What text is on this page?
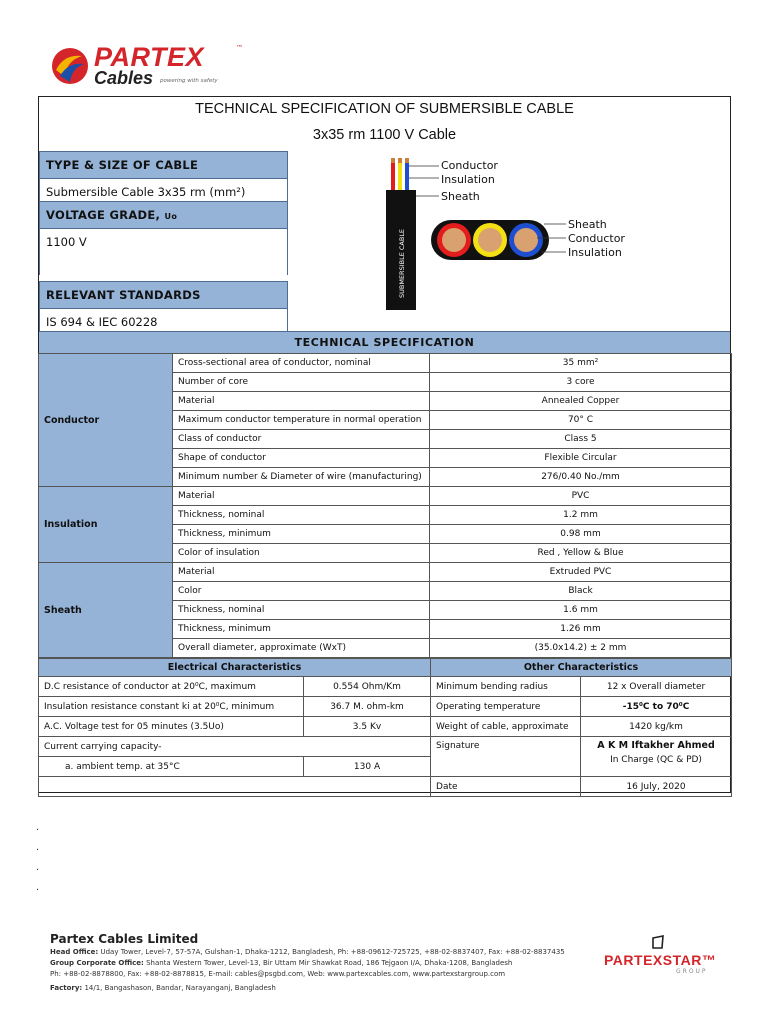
PARTEX	™
Cables powering with safety
TECHNICAL SPECIFICATION OF SUBMERSIBLE CABLE
3x35 rm 1100 V Cable
TYPE & SIZE OF CABLE
Submersible Cable 3x35 rm (mm²)
VOLTAGE GRADE, Uo
1100 V
RELEVANT STANDARDS
IS 694 & IEC 60228
SUBMERSIBLE CABLE
Conductor
Insulation
Sheath
Sheath
Conductor
Insulation
TECHNICAL SPECIFICATION
Conductor	Cross-sectional area of conductor, nominal	35 mm²
	Number of core	3 core
	Material	Annealed Copper
	Maximum conductor temperature in normal operation	70° C
	Class of conductor	Class 5
	Shape of conductor	Flexible Circular
	Minimum number & Diameter of wire (manufacturing)	276/0.40 No./mm
Insulation	Material	PVC
	Thickness, nominal	1.2 mm
	Thickness, minimum	0.98 mm
	Color of insulation	Red , Yellow & Blue
Sheath	Material	Extruded PVC
	Color	Black
	Thickness, nominal	1.6 mm
	Thickness, minimum	1.26 mm
	Overall diameter, approximate (WxT)	(35.0x14.2) ± 2 mm
Electrical Characteristics		Other Characteristics	
D.C resistance of conductor at 20⁰C, maximum	0.554 Ohm/Km	Minimum bending radius	12 x Overall diameter
Insulation resistance constant ki at 20⁰C, minimum	36.7 M. ohm-km	Operating temperature	-15⁰C to 70⁰C
A.C. Voltage test for 05 minutes (3.5Uo)	3.5 Kv	Weight of cable, approximate	1420 kg/km
Current carrying capacity-		Signature	A K M Iftakher Ahmed
In Charge (QC & PD)

a. ambient temp. at 35°C	130 A		
		Date	16 July, 2020
.
.
.
.
Partex Cables Limited
Head Office: Uday Tower, Level-7, 57-57A, Gulshan-1, Dhaka-1212, Bangladesh, Ph: +88-09612-725725, +88-02-8837407, Fax: +88-02-8837435
Group Corporate Office: Shanta Western Tower, Level-13, Bir Uttam Mir Shawkat Road, 186 Tejgaon I/A, Dhaka-1208, Bangladesh
Ph: +88-02-8878800, Fax: +88-02-8878815, E-mail: cables@psgbd.com, Web: www.partexcables.com, www.partexstargroup.com
Factory: 14/1, Bangashason, Bandar, Narayanganj, Bangladesh
PARTEXSTAR™
GROUP
